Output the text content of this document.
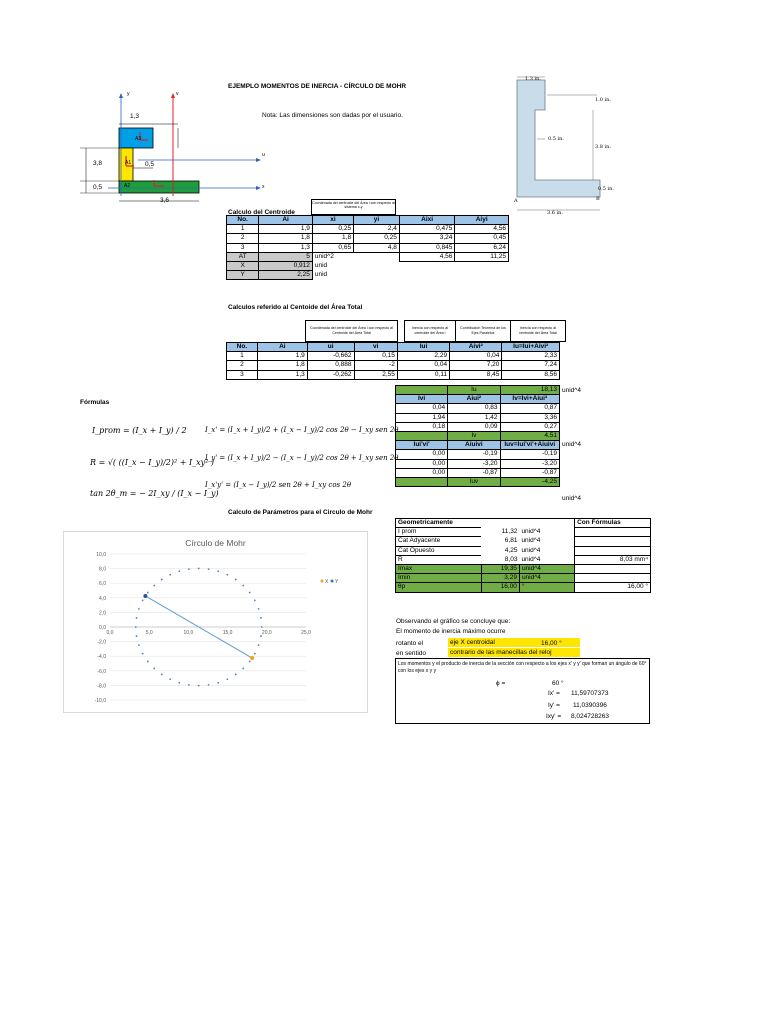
EJEMPLO MOMENTOS DE INERCIA - CÍRCULO DE MOHR
Nota: Las dimensiones son dadas por el usuario.
y	v
u
x
1,3
3,8	0,5
0,5
3,6
A3
A1
A2
1.3 in.
1.0 in.
0.5 in.
3.8 in.
0.5 in.
3.6 in.
A	B
Calculo del Centroide
Coordenada del centroide del Área i con respecto al sistema x-y
No.	Ai	xi	yi	Aixi	Aiyi
1	1,9	0,25	2,4	0,475	4,56
2	1,8	1,8	0,25	3,24	0,45
3	1,3	0,65	4,8	0,845	6,24
AT	5	unid^2		4,56	11,25
X	0,912	unid			
Y	2,25	unid			
Calculos referido al Centoide del Área Total
Coordenada del centroide del Área i con respecto al Centroide del Área Total		Inercia con respecto al centroide del Área i	Contribución Teorema de los Ejes Paralelos	Inercia con respecto al centroide del Área Total
No.	Ai	ui	vi	Iui	Aivi²	Iu=Iui+Aivi²
1	1,9	-0,662	0,15	2,29	0,04	2,33
2	1,8	0,888	-2	0,04	7,20	7,24
3	1,3	-0,262	2,55	0,11	8,45	8,56
	Iu	18,13
Ivi	Aiui²	Iv=Ivi+Aiui²
0,04	0,83	0,87
1,94	1,42	3,36
0,18	0,09	0,27
	Iv	4,51
Iui'vi'	Aiuivi	Iuv=Iui'vi'+Aiuivi
0,00	-0,19	-0,19
0,00	-3,20	-3,20
0,00	-0,87	-0,87
	Iuv	-4,25
unid^4
unid^4
unid^4
Fórmulas
I_prom = (I_x + I_y) / 2
R = √( ((I_x − I_y)/2)² + I_xy² )
tan 2θ_m = − 2I_xy / (I_x − I_y)
I_x' = (I_x + I_y)/2 + (I_x − I_y)/2 cos 2θ − I_xy sen 2θ
I_y' = (I_x + I_y)/2 − (I_x − I_y)/2 cos 2θ + I_xy sen 2θ
I_x'y' = (I_x − I_y)/2 sen 2θ + I_xy cos 2θ
Calculo de Parámetros para el Circulo de Mohr
Geometricamente			Con Fórmulas
I prom	11,32	unid^4	
Cat Adyacente	6,81	unid^4	
Cat Opuesto	4,25	unid^4	
R	8,03	unid^4	8,03 mm⁴
Imax	19,35	unid^4	
Imin	3,29	unid^4	
θp	16,00	°	16,00 °
Observando el gráfico se concluye que:
El momento de inercia máximo ocurre
rotanto el	eje X centroidal	16,00 °
en sentido	contrario de las manecillas del reloj
Los momentos y el producto de inercia de la sección con respecto a los ejes x' y y' que forman un ángulo de 60° con los ejes x y y
ϕ =	60 °
Ix' = 11,59707373
Iy' = 11,0390396
Ixy' = 8,024728263
Círculo de Mohr
10,0
8,0
6,0
4,0
2,0
0,0
-2,0
-4,0
-6,0
-8,0
-10,0
0,0	5,0	10,0	15,0	20,0	25,0
X Y
